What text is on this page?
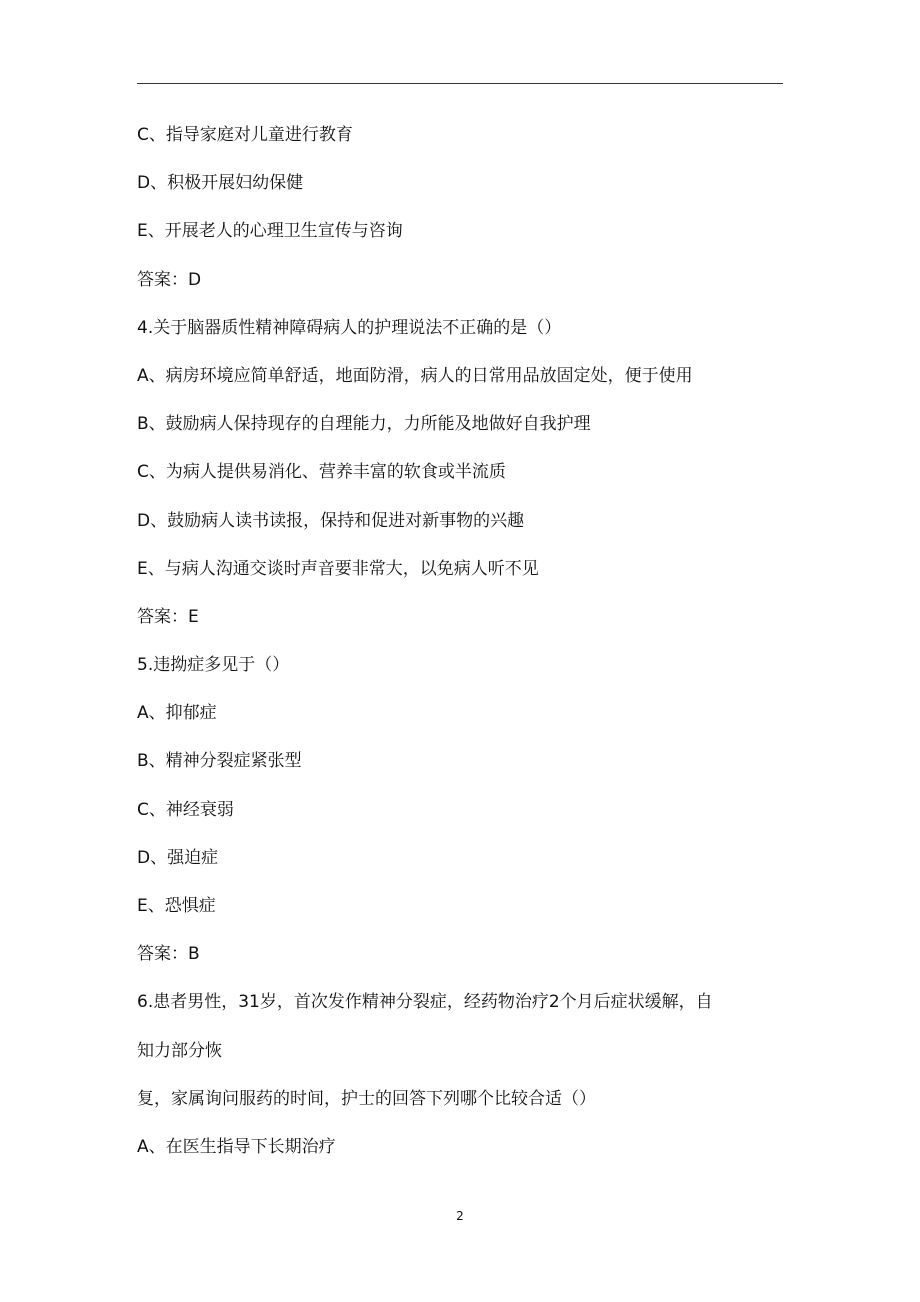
C、指导家庭对儿童进行教育
D、积极开展妇幼保健
E、开展老人的心理卫生宣传与咨询
答案：D
4.关于脑器质性精神障碍病人的护理说法不正确的是（）
A、病房环境应简单舒适，地面防滑，病人的日常用品放固定处，便于使用
B、鼓励病人保持现存的自理能力，力所能及地做好自我护理
C、为病人提供易消化、营养丰富的软食或半流质
D、鼓励病人读书读报，保持和促进对新事物的兴趣
E、与病人沟通交谈时声音要非常大，以免病人听不见
答案：E
5.违拗症多见于（）
A、抑郁症
B、精神分裂症紧张型
C、神经衰弱
D、强迫症
E、恐惧症
答案：B
6.患者男性，31岁，首次发作精神分裂症，经药物治疗2个月后症状缓解，自
知力部分恢
复，家属询问服药的时间，护士的回答下列哪个比较合适（）
A、在医生指导下长期治疗
2
